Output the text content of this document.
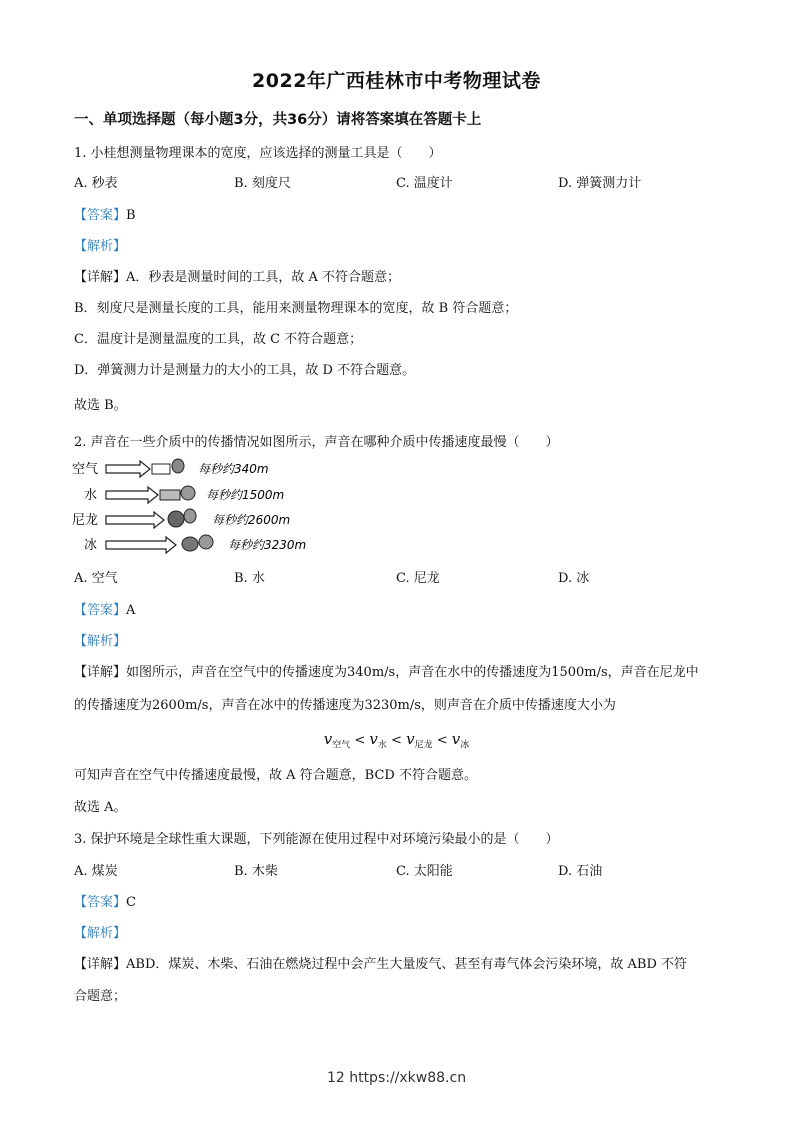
2022年广西桂林市中考物理试卷
一、单项选择题（每小题3分，共36分）请将答案填在答题卡上
1. 小桂想测量物理课本的宽度，应该选择的测量工具是（　　）
A. 秒表	B. 刻度尺	C. 温度计	D. 弹簧测力计
【答案】B
【解析】
【详解】A．秒表是测量时间的工具，故 A 不符合题意；
B．刻度尺是测量长度的工具，能用来测量物理课本的宽度，故 B 符合题意；
C．温度计是测量温度的工具，故 C 不符合题意；
D．弹簧测力计是测量力的大小的工具，故 D 不符合题意。
故选 B。
2. 声音在一些介质中的传播情况如图所示，声音在哪种介质中传播速度最慢（　　）
空气	每秒约340m
水	每秒约1500m
尼龙	每秒约2600m
冰	每秒约3230m
A. 空气	B. 水	C. 尼龙	D. 冰
【答案】A
【解析】
【详解】如图所示，声音在空气中的传播速度为340m/s，声音在水中的传播速度为1500m/s，声音在尼龙中
的传播速度为2600m/s，声音在冰中的传播速度为3230m/s，则声音在介质中传播速度大小为
$v_{空气} < v_水 < v_{尼龙} < v_冰$
可知声音在空气中传播速度最慢，故 A 符合题意，BCD 不符合题意。
故选 A。
3. 保护环境是全球性重大课题，下列能源在使用过程中对环境污染最小的是（　　）
A. 煤炭	B. 木柴	C. 太阳能	D. 石油
【答案】C
【解析】
【详解】ABD．煤炭、木柴、石油在燃烧过程中会产生大量废气、甚至有毒气体会污染环境，故 ABD 不符
合题意；
12 https://xkw88.cn
